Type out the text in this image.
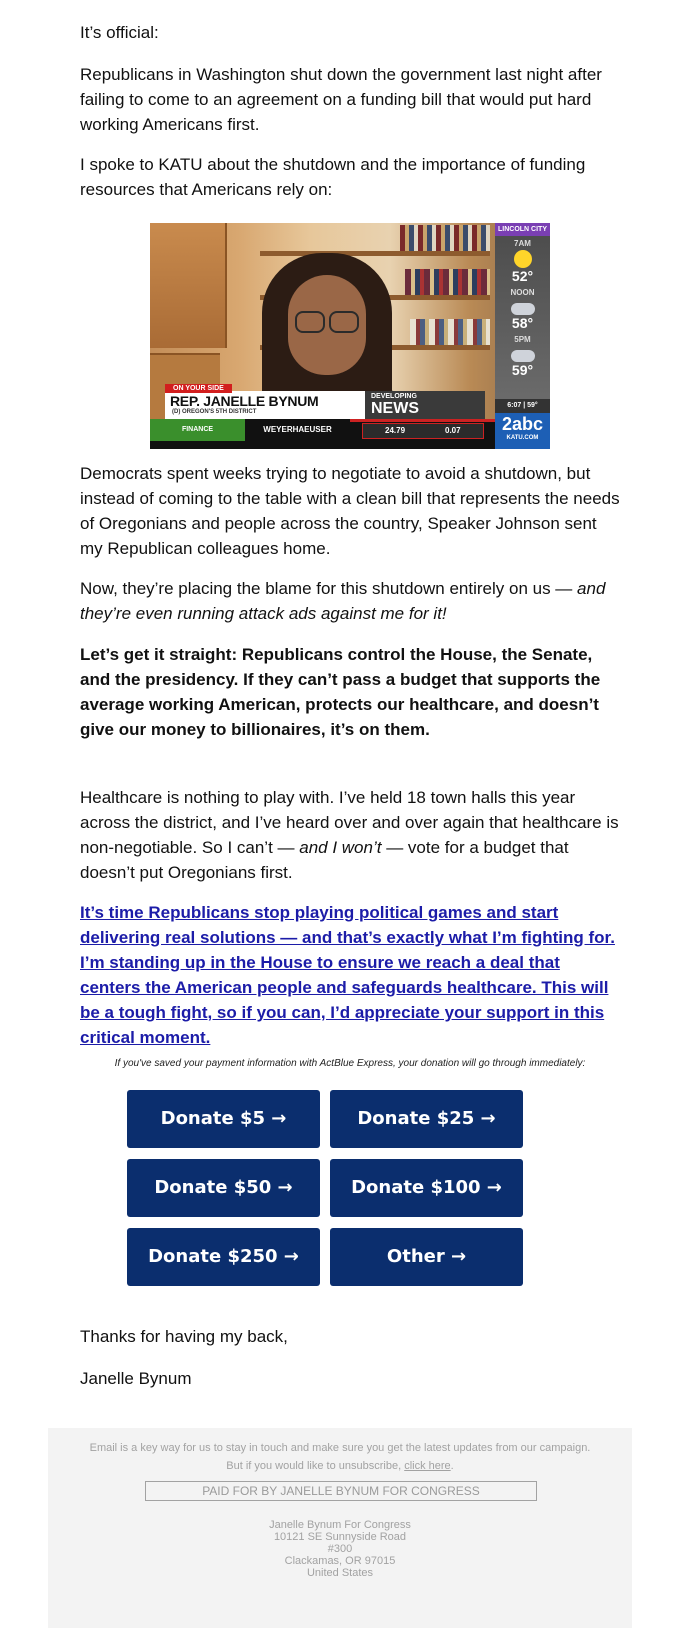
It’s official:

Republicans in Washington shut down the government last night after failing to come to an agreement on a funding bill that would put hard working Americans first.

I spoke to KATU about the shutdown and the importance of funding resources that Americans rely on:

Democrats spent weeks trying to negotiate to avoid a shutdown, but instead of coming to the table with a clean bill that represents the needs of Oregonians and people across the country, Speaker Johnson sent my Republican colleagues home.

Now, they’re placing the blame for this shutdown entirely on us — and they’re even running attack ads against me for it!

Let’s get it straight: Republicans control the House, the Senate, and the presidency. If they can’t pass a budget that supports the average working American, protects our healthcare, and doesn’t give our money to billionaires, it’s on them.

Healthcare is nothing to play with. I’ve held 18 town halls this year across the district, and I’ve heard over and over again that healthcare is non-negotiable. So I can’t — and I won’t — vote for a budget that doesn’t put Oregonians first.

It’s time Republicans stop playing political games and start delivering real solutions — and that’s exactly what I’m fighting for. I’m standing up in the House to ensure we reach a deal that centers the American people and safeguards healthcare. This will be a tough fight, so if you can, I’d appreciate your support in this critical moment.

Thanks for having my back,

Janelle Bynum

LINCOLN CITY
7AM
52°
NOON
58°
5PM
59°
6:07 | 59°
ON YOUR SIDE
REP. JANELLE BYNUM
(D) OREGON'S 5TH DISTRICT
DEVELOPING
NEWS
2abc
KATU.COM
FINANCE	WEYERHAEUSER	24.79	0.07
If you've saved your payment information with ActBlue Express, your donation will go through immediately:
Donate $5 →	Donate $25 →
Donate $50 →	Donate $100 →
Donate $250 →	Other →
Email is a key way for us to stay in touch and make sure you get the latest updates from our campaign.
But if you would like to unsubscribe, click here.
PAID FOR BY JANELLE BYNUM FOR CONGRESS
Janelle Bynum For Congress
10121 SE Sunnyside Road
#300
Clackamas, OR 97015
United States
